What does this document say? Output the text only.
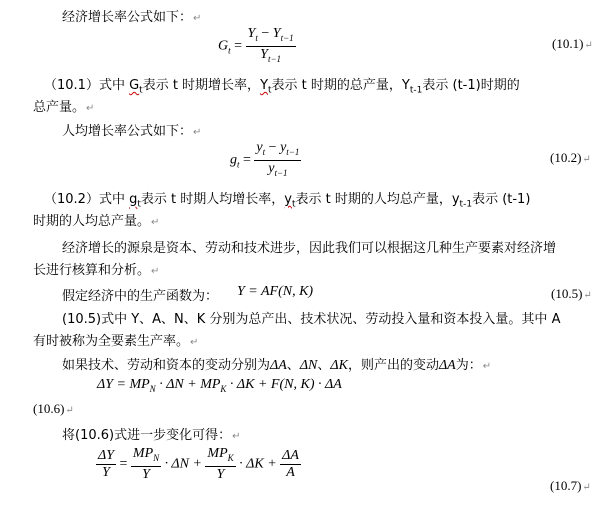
经济增长率公式如下：↵
$G_t = \frac{Y_t - Y_{t-1}}{Y_{t-1}}$	(10.1)↵
（10.1）式中 $G_t$表示 t 时期增长率，$Y_t$表示 t 时期的总产量，$Y_{t-1}$表示 (t-1)时期的
总产量。↵
人均增长率公式如下：↵
$g_t = \frac{y_t - y_{t-1}}{y_{t-1}}$	(10.2)↵
（10.2）式中 $g_t$表示 t 时期人均增长率，$y_t$表示 t 时期的人均总产量，$y_{t-1}$表示 (t-1)
时期的人均总产量。↵
经济增长的源泉是资本、劳动和技术进步，因此我们可以根据这几种生产要素对经济增
长进行核算和分析。↵
假定经济中的生产函数为： Y = AF(N, K)	(10.5)↵
(10.5)式中 Y、A、N、K 分别为总产出、技术状况、劳动投入量和资本投入量。其中 A
有时被称为全要素生产率。↵
如果技术、劳动和资本的变动分别为ΔA、ΔN、ΔK，则产出的变动ΔA为：↵
$\Delta Y = MP_N \cdot \Delta N + MP_K \cdot \Delta K + F(N$, K) · ΔA
(10.6)↵
将(10.6)式进一步变化可得：↵
$\frac{\Delta Y}{Y} = \frac{MP_N}{Y} \cdot \Delta N + \frac{MP_K}{Y} \cdot \Delta K + \frac{\Delta A}{A}$
(10.7)↵
